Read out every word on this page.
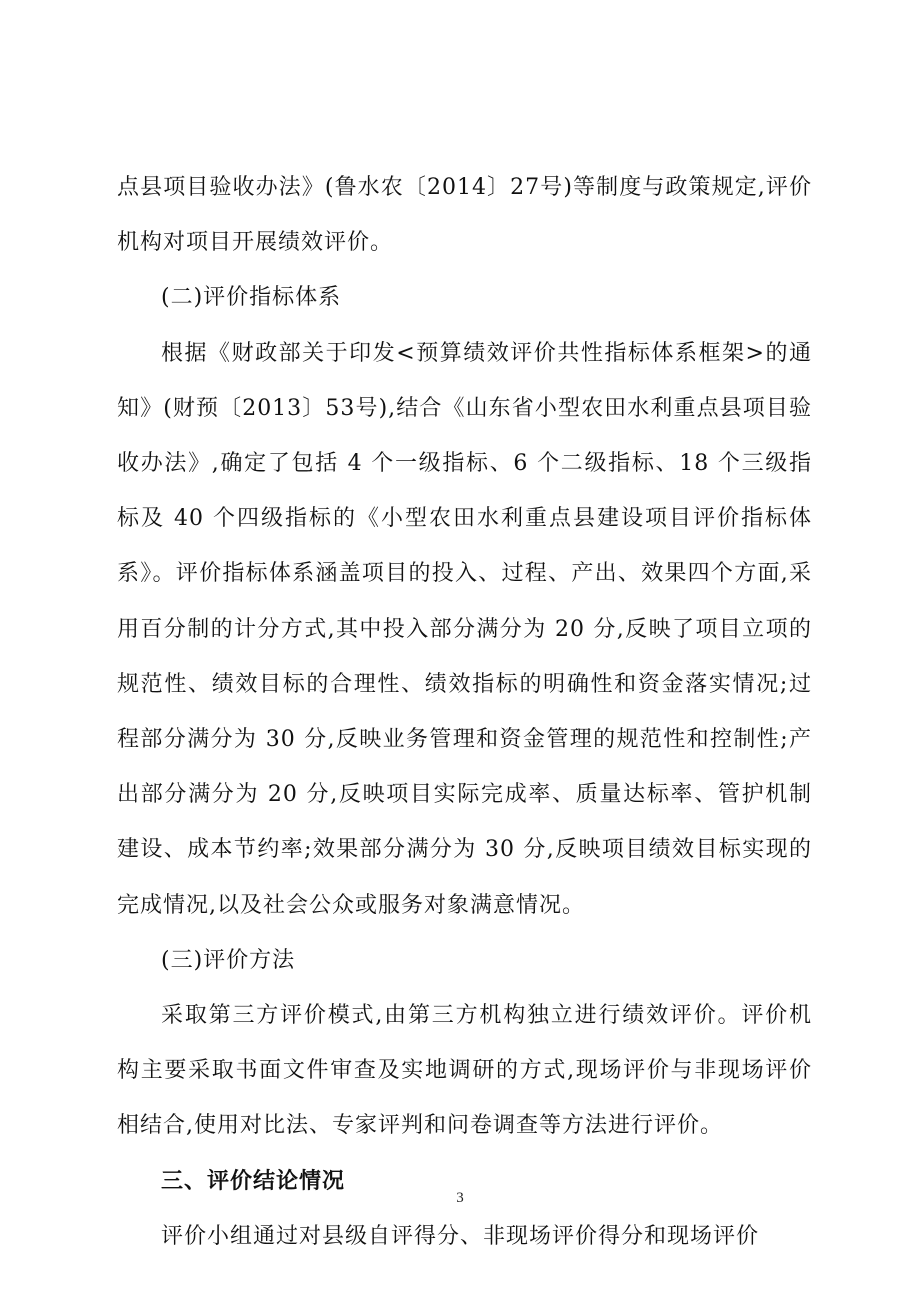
点县项目验收办法》(鲁水农〔2014〕27号)等制度与政策规定,评价机构对项目开展绩效评价。

(二)评价指标体系

根据《财政部关于印发<预算绩效评价共性指标体系框架>的通知》(财预〔2013〕53号),结合《山东省小型农田水利重点县项目验收办法》,确定了包括 4 个一级指标、6 个二级指标、18 个三级指标及 40 个四级指标的《小型农田水利重点县建设项目评价指标体系》。评价指标体系涵盖项目的投入、过程、产出、效果四个方面,采用百分制的计分方式,其中投入部分满分为 20 分,反映了项目立项的规范性、绩效目标的合理性、绩效指标的明确性和资金落实情况;过程部分满分为 30 分,反映业务管理和资金管理的规范性和控制性;产出部分满分为 20 分,反映项目实际完成率、质量达标率、管护机制建设、成本节约率;效果部分满分为 30 分,反映项目绩效目标实现的完成情况,以及社会公众或服务对象满意情况。

(三)评价方法

采取第三方评价模式,由第三方机构独立进行绩效评价。评价机构主要采取书面文件审查及实地调研的方式,现场评价与非现场评价相结合,使用对比法、专家评判和问卷调查等方法进行评价。

三、评价结论情况

评价小组通过对县级自评得分、非现场评价得分和现场评价

3
